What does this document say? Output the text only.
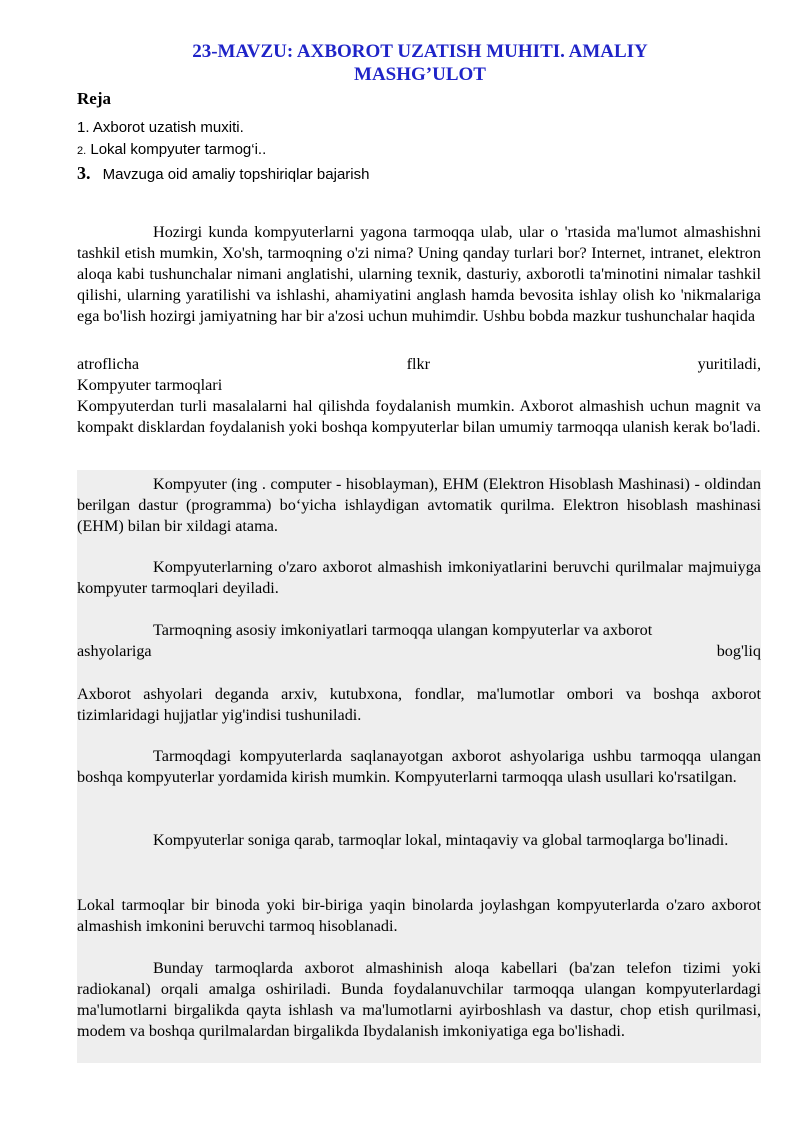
23-MAVZU: AXBOROT UZATISH MUHITI. AMALIY
MASHG’ULOT
Reja
1. Axborot uzatish muxiti.
2. Lokal kompyuter tarmog‘i..
3. Mavzuga oid amaliy topshiriqlar bajarish

Hozirgi kunda kompyuterlarni yagona tarmoqqa ulab, ular o 'rtasida ma'lumot almashishni tashkil etish mumkin, Xo'sh, tarmoqning o'zi nima? Uning qanday turlari bor? Internet, intranet, elektron aloqa kabi tushunchalar nimani anglatishi, ularning texnik, dasturiy, axborotli ta'minotini nimalar tashkil qilishi, ularning yaratilishi va ishlashi, ahamiyatini anglash hamda bevosita ishlay olish ko 'nikmalariga ega bo'lish hozirgi jamiyatning har bir a'zosi uchun muhimdir. Ushbu bobda mazkur tushunchalar haqida

atroflicha	flkr	yuritiladi,
Kompyuter tarmoqlari

Kompyuterdan turli masalalarni hal qilishda foydalanish mumkin. Axborot almashish uchun magnit va kompakt disklardan foydalanish yoki boshqa kompyuterlar bilan umumiy tarmoqqa ulanish kerak bo'ladi.

Kompyuter (ing . computer - hisoblayman), EHM (Elektron Hisoblash Mashinasi) - oldindan berilgan dastur (programma) bo‘yicha ishlaydigan avtomatik qurilma. Elektron hisoblash mashinasi (EHM) bilan bir xildagi atama.

Kompyuterlarning o'zaro axborot almashish imkoniyatlarini beruvchi qurilmalar majmuiyga kompyuter tarmoqlari deyiladi.

Tarmoqning asosiy imkoniyatlari tarmoqqa ulangan kompyuterlar va axborot

ashyolariga	bog'liq

Axborot ashyolari deganda arxiv, kutubxona, fondlar, ma'lumotlar ombori va boshqa axborot tizimlaridagi hujjatlar yig'indisi tushuniladi.

Tarmoqdagi kompyuterlarda saqlanayotgan axborot ashyolariga ushbu tarmoqqa ulangan boshqa kompyuterlar yordamida kirish mumkin. Kompyuterlarni tarmoqqa ulash usullari ko'rsatilgan.

Kompyuterlar soniga qarab, tarmoqlar lokal, mintaqaviy va global tarmoqlarga bo'linadi.

Lokal tarmoqlar bir binoda yoki bir-biriga yaqin binolarda joylashgan kompyuterlarda o'zaro axborot almashish imkonini beruvchi tarmoq hisoblanadi.

Bunday tarmoqlarda axborot almashinish aloqa kabellari (ba'zan telefon tizimi yoki radiokanal) orqali amalga oshiriladi. Bunda foydalanuvchilar tarmoqqa ulangan kompyuterlardagi ma'lumotlarni birgalikda qayta ishlash va ma'lumotlarni ayirboshlash va dastur, chop etish qurilmasi, modem va boshqa qurilmalardan birgalikda Ibydalanish imkoniyatiga ega bo'lishadi.
